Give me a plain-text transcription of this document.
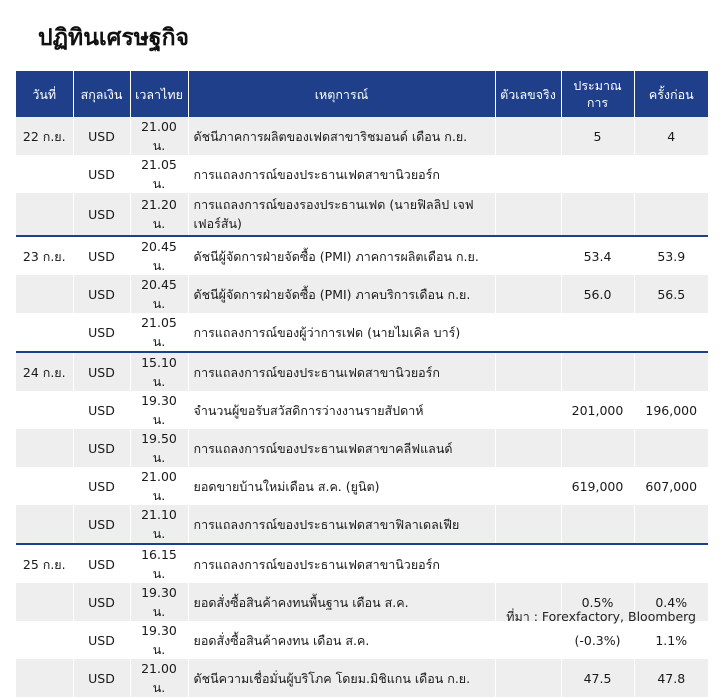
ปฏิทินเศรษฐกิจ
วันที่	สกุลเงิน	เวลาไทย	เหตุการณ์	ตัวเลขจริง	ประมาณการ	ครั้งก่อน
22 ก.ย.	USD	21.00 น.	ดัชนีภาคการผลิตของเฟดสาขาริชมอนด์ เดือน ก.ย.		5	4
	USD	21.05 น.	การแถลงการณ์ของประธานเฟดสาขานิวยอร์ก			
	USD	21.20 น.	การแถลงการณ์ของรองประธานเฟด (นายฟิลลิป เจฟเฟอร์สัน)			
23 ก.ย.	USD	20.45 น.	ดัชนีผู้จัดการฝ่ายจัดซื้อ (PMI) ภาคการผลิตเดือน ก.ย.		53.4	53.9
	USD	20.45 น.	ดัชนีผู้จัดการฝ่ายจัดซื้อ (PMI) ภาคบริการเดือน ก.ย.		56.0	56.5
	USD	21.05 น.	การแถลงการณ์ของผู้ว่าการเฟด (นายไมเคิล บาร์)			
24 ก.ย.	USD	15.10 น.	การแถลงการณ์ของประธานเฟดสาขานิวยอร์ก			
	USD	19.30 น.	จำนวนผู้ขอรับสวัสดิการว่างงานรายสัปดาห์		201,000	196,000
	USD	19.50 น.	การแถลงการณ์ของประธานเฟดสาขาคลีฟแลนด์			
	USD	21.00 น.	ยอดขายบ้านใหม่เดือน ส.ค. (ยูนิต)		619,000	607,000
	USD	21.10 น.	การแถลงการณ์ของประธานเฟดสาขาฟิลาเดลเฟีย			
25 ก.ย.	USD	16.15 น.	การแถลงการณ์ของประธานเฟดสาขานิวยอร์ก			
	USD	19.30 น.	ยอดสั่งซื้อสินค้าคงทนพื้นฐาน เดือน ส.ค.		0.5%	0.4%
	USD	19.30 น.	ยอดสั่งซื้อสินค้าคงทน เดือน ส.ค.		(-0.3%)	1.1%
	USD	21.00 น.	ดัชนีความเชื่อมั่นผู้บริโภค โดยม.มิชิแกน เดือน ก.ย.		47.5	47.8
ที่มา : Forexfactory, Bloomberg
